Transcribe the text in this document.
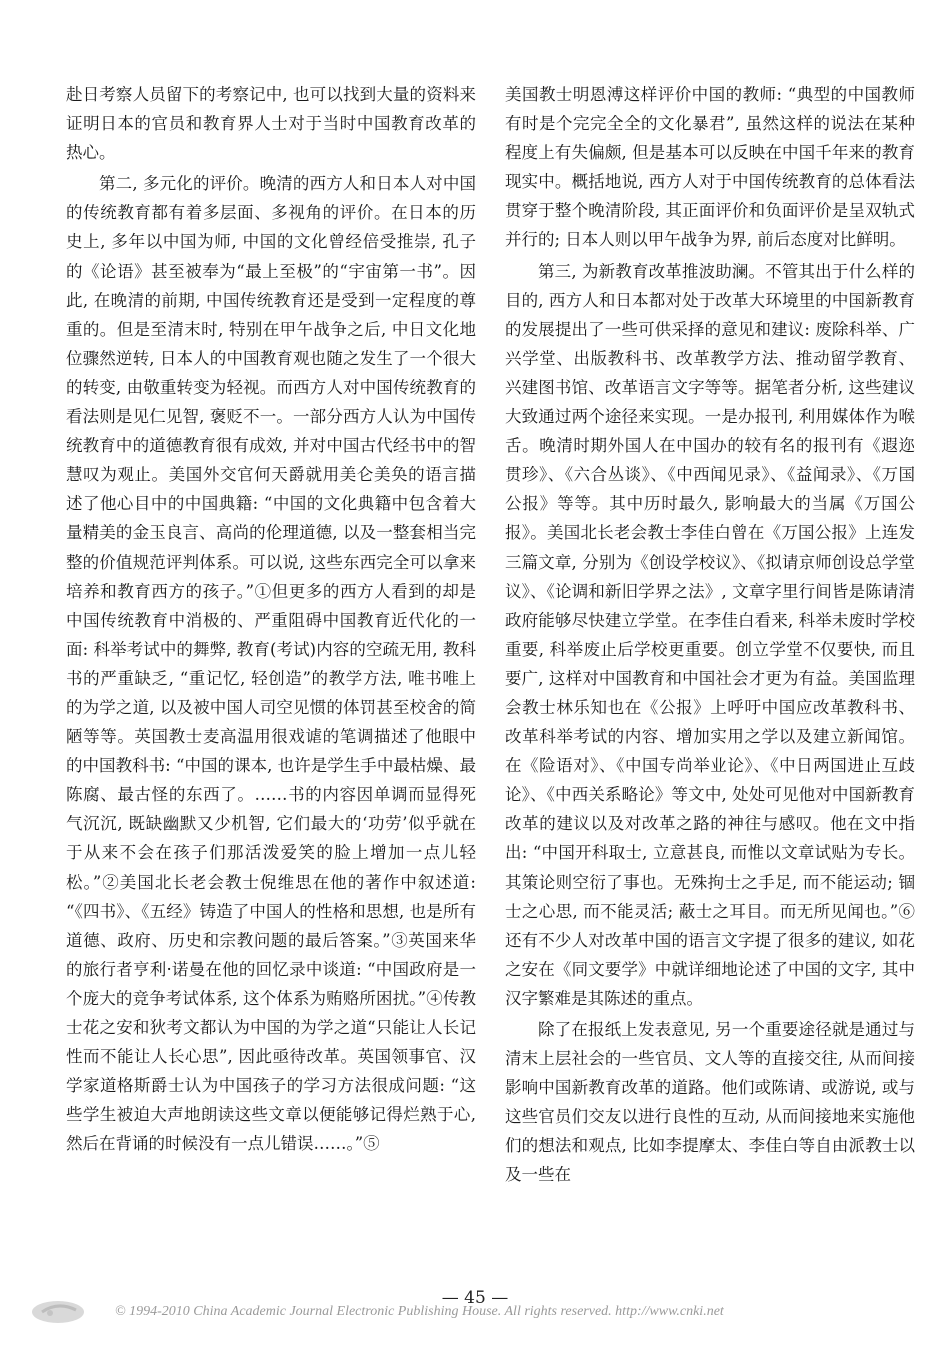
赴日考察人员留下的考察记中, 也可以找到大量的资料来证明日本的官员和教育界人士对于当时中国教育改革的热心。

第二, 多元化的评价。晚清的西方人和日本人对中国的传统教育都有着多层面、多视角的评价。在日本的历史上, 多年以中国为师, 中国的文化曾经倍受推崇, 孔子的《论语》甚至被奉为“最上至极”的“宇宙第一书”。因此, 在晚清的前期, 中国传统教育还是受到一定程度的尊重的。但是至清末时, 特别在甲午战争之后, 中日文化地位骤然逆转, 日本人的中国教育观也随之发生了一个很大的转变, 由敬重转变为轻视。而西方人对中国传统教育的看法则是见仁见智, 褒贬不一。一部分西方人认为中国传统教育中的道德教育很有成效, 并对中国古代经书中的智慧叹为观止。美国外交官何天爵就用美仑美奂的语言描述了他心目中的中国典籍: “中国的文化典籍中包含着大量精美的金玉良言、高尚的伦理道德, 以及一整套相当完整的价值规范评判体系。可以说, 这些东西完全可以拿来培养和教育西方的孩子。”①但更多的西方人看到的却是中国传统教育中消极的、严重阻碍中国教育近代化的一面: 科举考试中的舞弊, 教育(考试)内容的空疏无用, 教科书的严重缺乏, “重记忆, 轻创造”的教学方法, 唯书唯上的为学之道, 以及被中国人司空见惯的体罚甚至校舍的简陋等等。英国教士麦高温用很戏谑的笔调描述了他眼中的中国教科书: “中国的课本, 也许是学生手中最枯燥、最陈腐、最古怪的东西了。……书的内容因单调而显得死气沉沉, 既缺幽默又少机智, 它们最大的‘功劳’似乎就在于从来不会在孩子们那活泼爱笑的脸上增加一点儿轻松。”②美国北长老会教士倪维思在他的著作中叙述道: “《四书》、《五经》铸造了中国人的性格和思想, 也是所有道德、政府、历史和宗教问题的最后答案。”③英国来华的旅行者亨利·诺曼在他的回忆录中谈道: “中国政府是一个庞大的竞争考试体系, 这个体系为贿赂所困扰。”④传教士花之安和狄考文都认为中国的为学之道“只能让人长记性而不能让人长心思”, 因此亟待改革。英国领事官、汉学家道格斯爵士认为中国孩子的学习方法很成问题: “这些学生被迫大声地朗读这些文章以便能够记得烂熟于心, 然后在背诵的时候没有一点儿错误……。”⑤

美国教士明恩溥这样评价中国的教师: “典型的中国教师有时是个完完全全的文化暴君”, 虽然这样的说法在某种程度上有失偏颇, 但是基本可以反映在中国千年来的教育现实中。概括地说, 西方人对于中国传统教育的总体看法贯穿于整个晚清阶段, 其正面评价和负面评价是呈双轨式并行的; 日本人则以甲午战争为界, 前后态度对比鲜明。

第三, 为新教育改革推波助澜。不管其出于什么样的目的, 西方人和日本都对处于改革大环境里的中国新教育的发展提出了一些可供采择的意见和建议: 废除科举、广兴学堂、出版教科书、改革教学方法、推动留学教育、兴建图书馆、改革语言文字等等。据笔者分析, 这些建议大致通过两个途径来实现。一是办报刊, 利用媒体作为喉舌。晚清时期外国人在中国办的较有名的报刊有《遐迩贯珍》、《六合丛谈》、《中西闻见录》、《益闻录》、《万国公报》等等。其中历时最久, 影响最大的当属《万国公报》。美国北长老会教士李佳白曾在《万国公报》上连发三篇文章, 分别为《创设学校议》、《拟请京师创设总学堂议》、《论调和新旧学界之法》, 文章字里行间皆是陈请清政府能够尽快建立学堂。在李佳白看来, 科举未废时学校重要, 科举废止后学校更重要。创立学堂不仅要快, 而且要广, 这样对中国教育和中国社会才更为有益。美国监理会教士林乐知也在《公报》上呼吁中国应改革教科书、改革科举考试的内容、增加实用之学以及建立新闻馆。在《险语对》、《中国专尚举业论》、《中日两国进止互歧论》、《中西关系略论》等文中, 处处可见他对中国新教育改革的建议以及对改革之路的神往与感叹。他在文中指出: “中国开科取士, 立意甚良, 而惟以文章试贴为专长。其策论则空衍了事也。无殊拘士之手足, 而不能运动; 锢士之心思, 而不能灵活; 蔽士之耳目。而无所见闻也。”⑥还有不少人对改革中国的语言文字提了很多的建议, 如花之安在《同文要学》中就详细地论述了中国的文字, 其中汉字繁难是其陈述的重点。

除了在报纸上发表意见, 另一个重要途径就是通过与清末上层社会的一些官员、文人等的直接交往, 从而间接影响中国新教育改革的道路。他们或陈请、或游说, 或与这些官员们交友以进行良性的互动, 从而间接地来实施他们的想法和观点, 比如李提摩太、李佳白等自由派教士以及一些在

— 45 —
© 1994-2010 China Academic Journal Electronic Publishing House. All rights reserved. http://www.cnki.net
